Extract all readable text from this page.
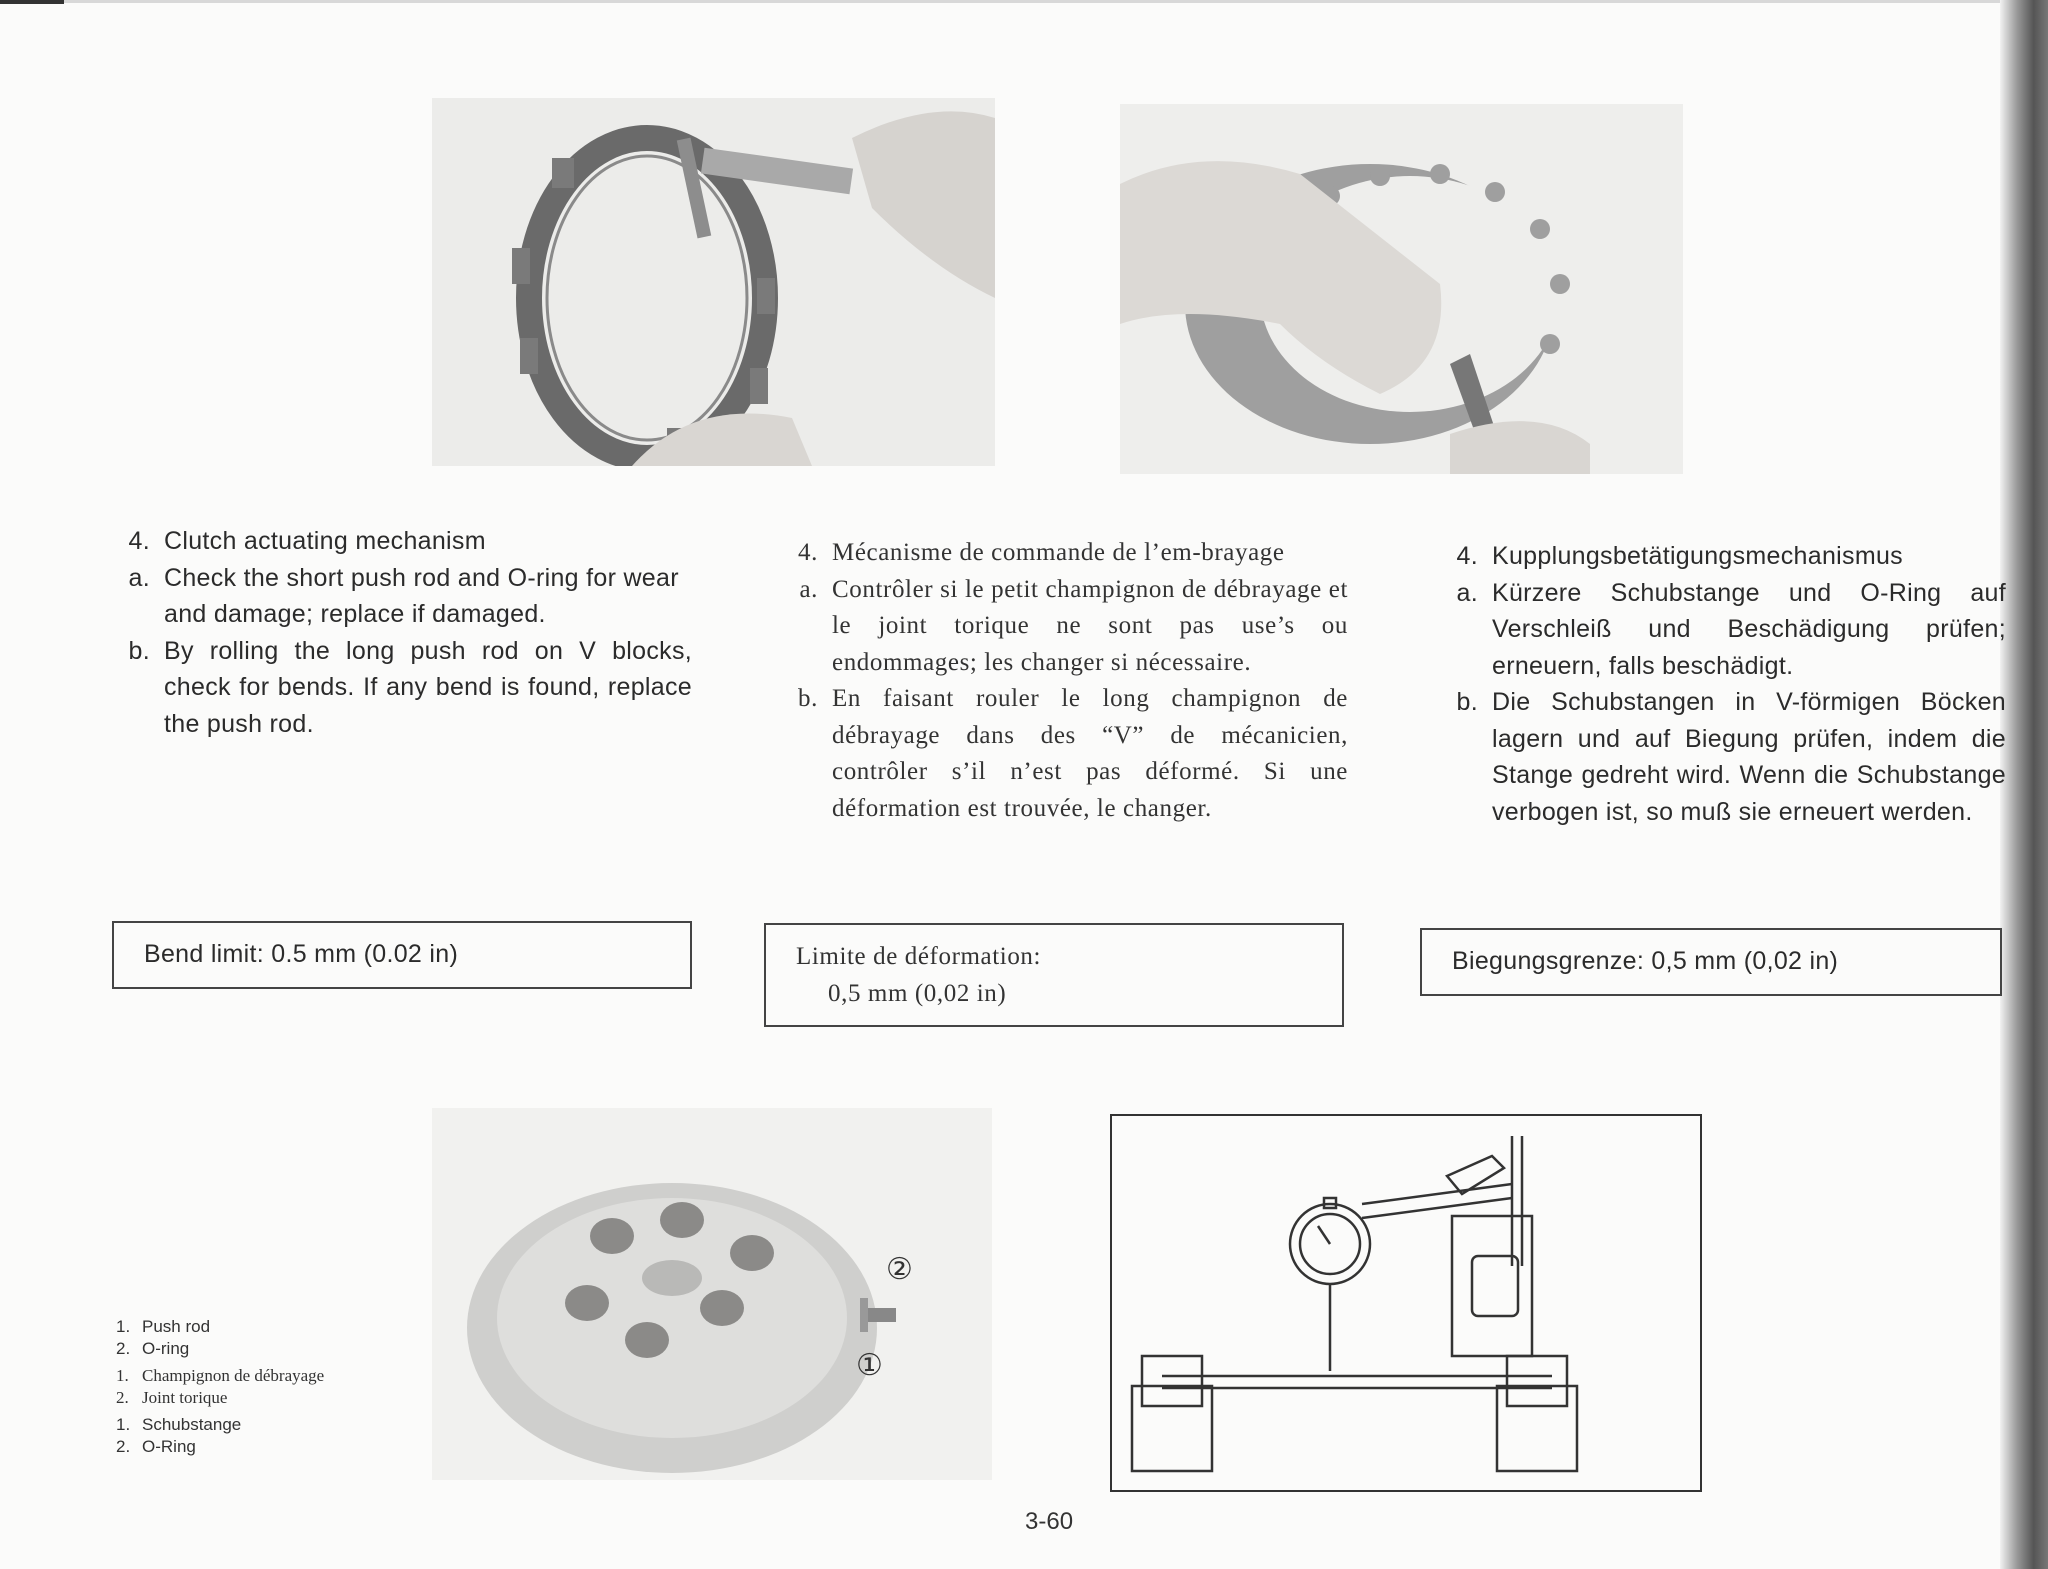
4. Clutch actuating mechanism
a. Check the short push rod and O-ring for wear and damage; replace if damaged.
b. By rolling the long push rod on V blocks, check for bends. If any bend is found, replace the push rod.
4. Mécanisme de commande de l’em-brayage
a. Contrôler si le petit champignon de débrayage et le joint torique ne sont pas use’s ou endommages; les changer si nécessaire.
b. En faisant rouler le long champignon de débrayage dans des “V” de mécanicien, contrôler s’il n’est pas déformé. Si une déformation est trouvée, le changer.
4. Kupplungsbetätigungsmechanismus
a. Kürzere Schubstange und O-Ring auf Verschleiß und Beschädigung prüfen; erneuern, falls beschädigt.
b. Die Schubstangen in V-förmigen Böcken lagern und auf Biegung prüfen, indem die Stange gedreht wird. Wenn die Schubstange verbogen ist, so muß sie erneuert werden.
Bend limit: 0.5 mm (0.02 in)	Limite de déformation:
0,5 mm (0,02 in)
Biegungsgrenze: 0,5 mm (0,02 in)
②
①
1. Push rod
2. O-ring
1. Champignon de débrayage
2. Joint torique
1. Schubstange
2. O-Ring
3-60
